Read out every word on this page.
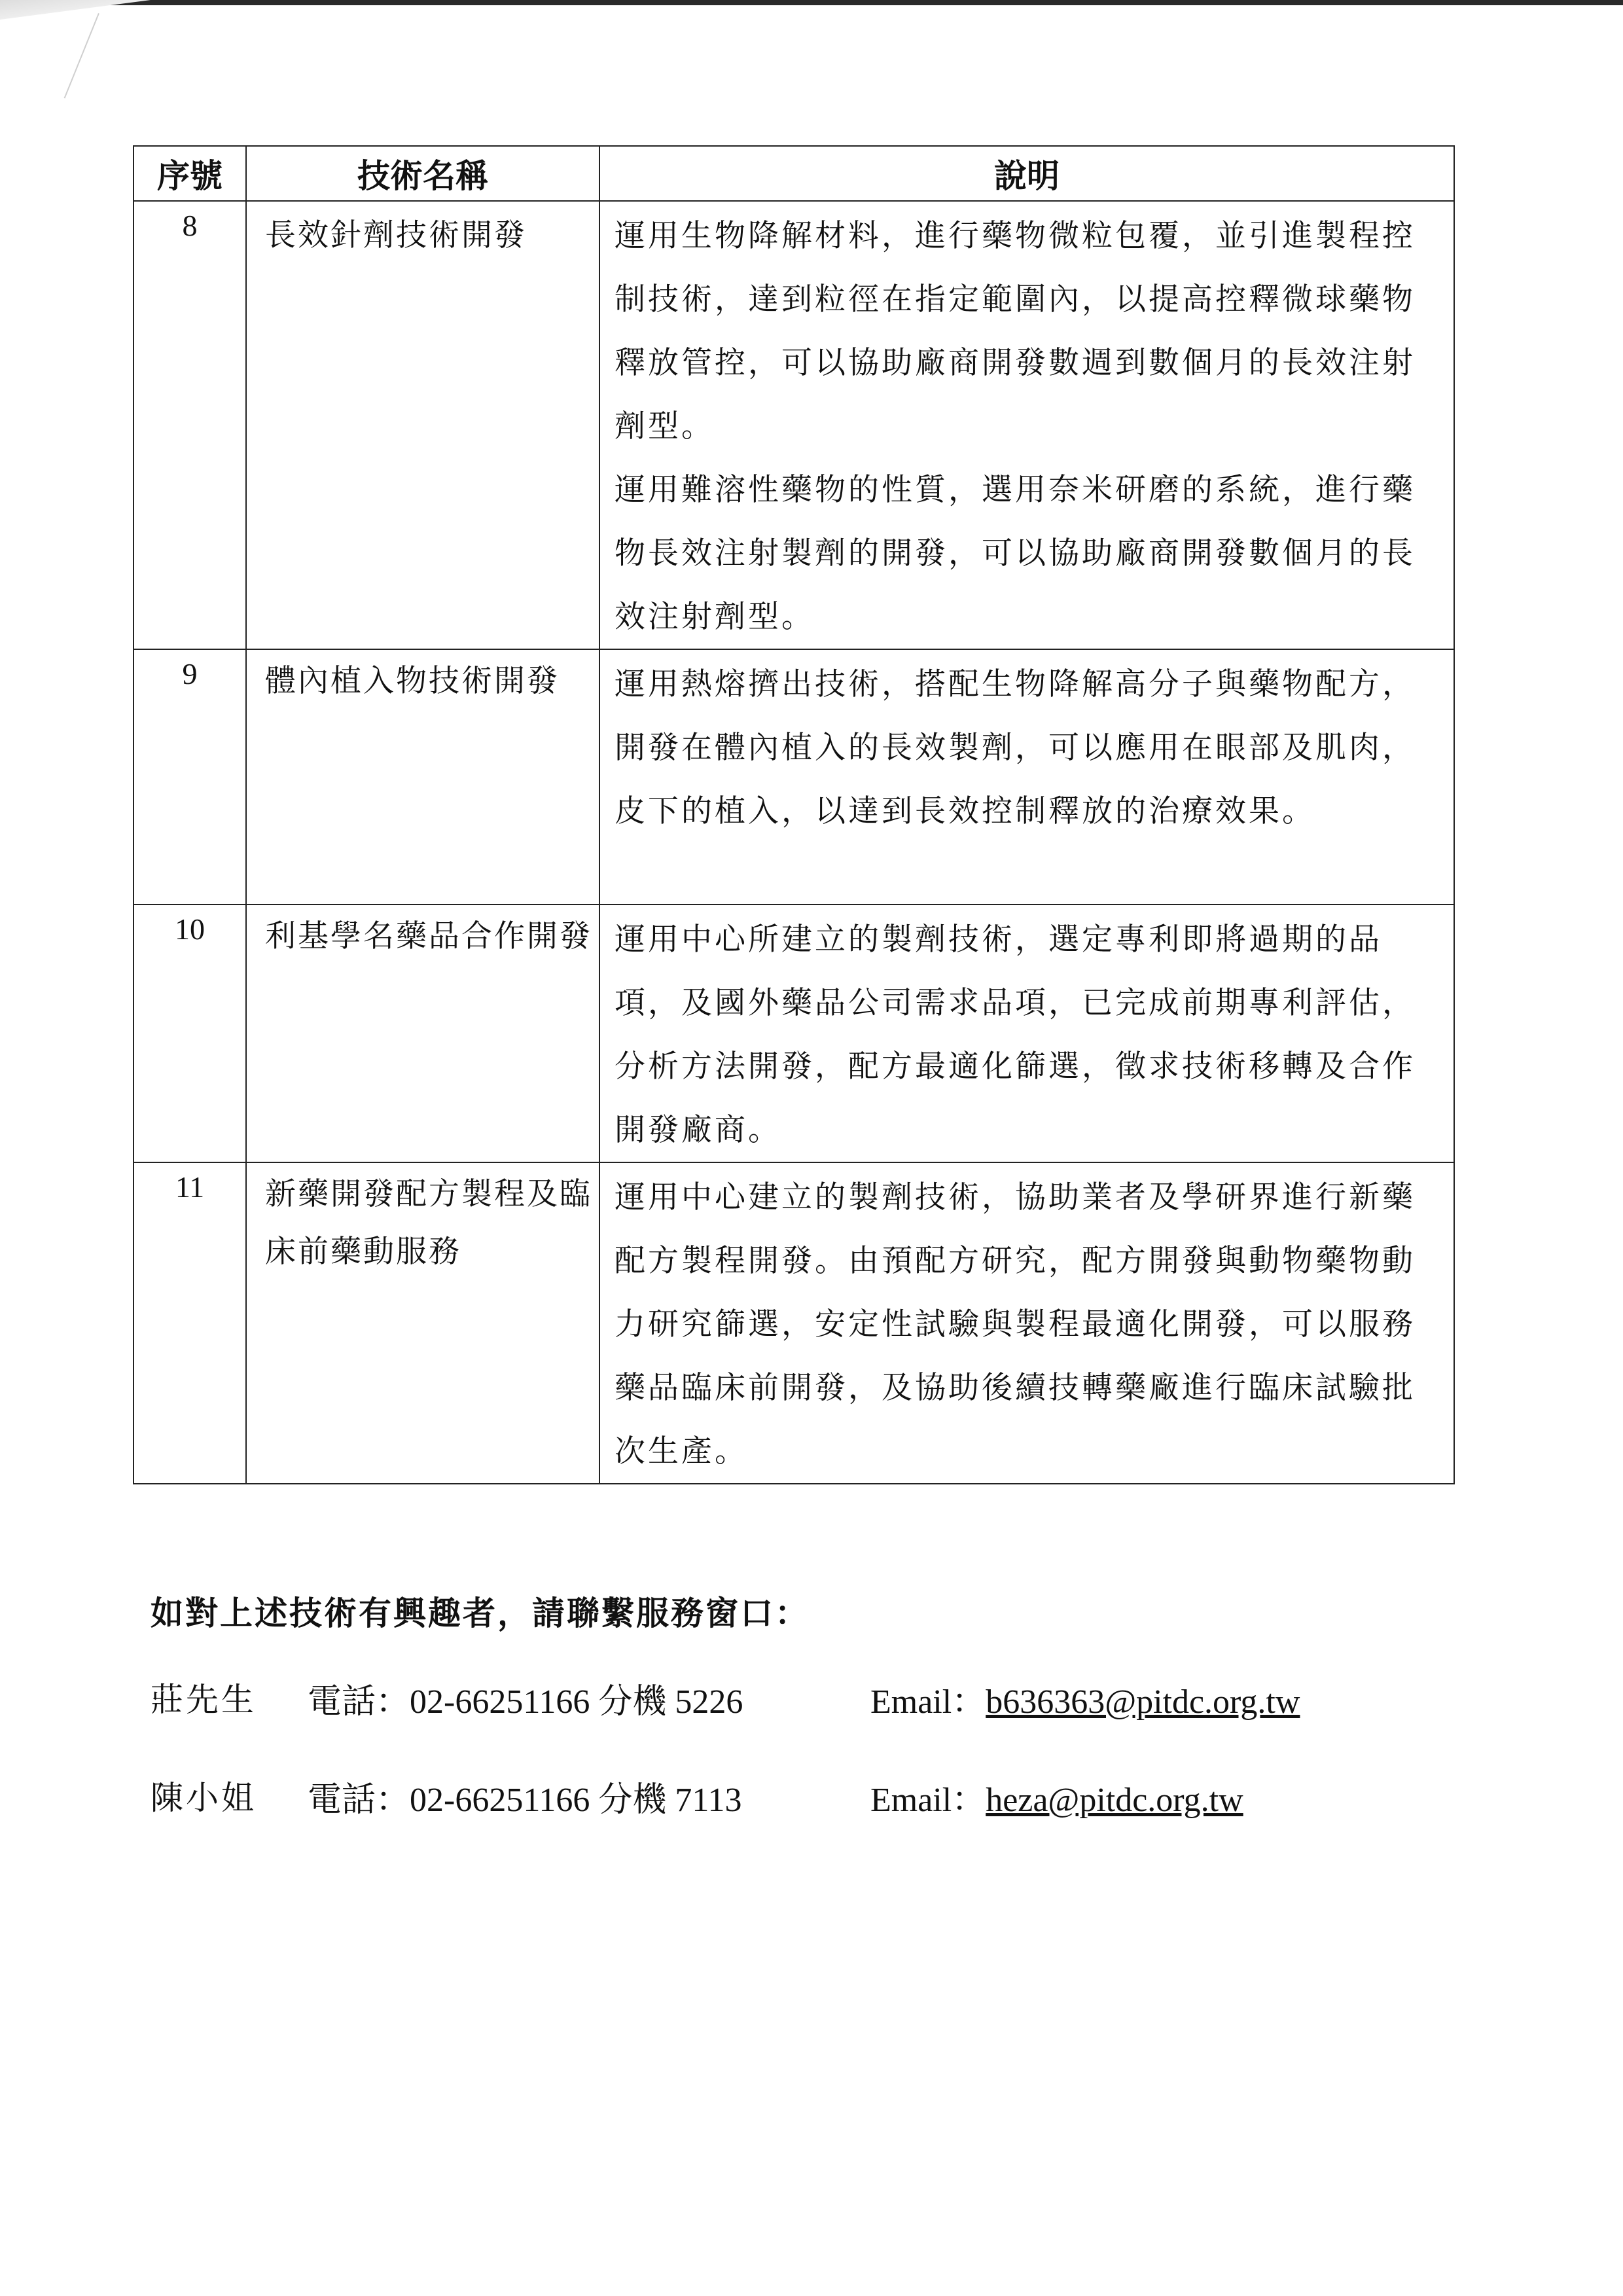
序號	技術名稱	說明
8	長效針劑技術開發	運用生物降解材料，進行藥物微粒包覆，並引進製程控制技術，達到粒徑在指定範圍內，以提高控釋微球藥物釋放管控，可以協助廠商開發數週到數個月的長效注射劑型。
運用難溶性藥物的性質，選用奈米研磨的系統，進行藥物長效注射製劑的開發，可以協助廠商開發數個月的長效注射劑型。

9	體內植入物技術開發	運用熱熔擠出技術，搭配生物降解高分子與藥物配方，開發在體內植入的長效製劑，可以應用在眼部及肌肉，皮下的植入，以達到長效控制釋放的治療效果。

10	利基學名藥品合作開發	運用中心所建立的製劑技術，選定專利即將過期的品項，及國外藥品公司需求品項，已完成前期專利評估，分析方法開發，配方最適化篩選，徵求技術移轉及合作開發廠商。

11	新藥開發配方製程及臨床前藥動服務	運用中心建立的製劑技術，協助業者及學研界進行新藥配方製程開發。由預配方研究，配方開發與動物藥物動力研究篩選，安定性試驗與製程最適化開發，可以服務藥品臨床前開發，及協助後續技轉藥廠進行臨床試驗批次生產。
如對上述技術有興趣者，請聯繫服務窗口：
莊先生 電話：02-66251166 分機 5226	Email：b636363@pitdc.org.tw
陳小姐 電話：02-66251166 分機 7113	Email：heza@pitdc.org.tw
